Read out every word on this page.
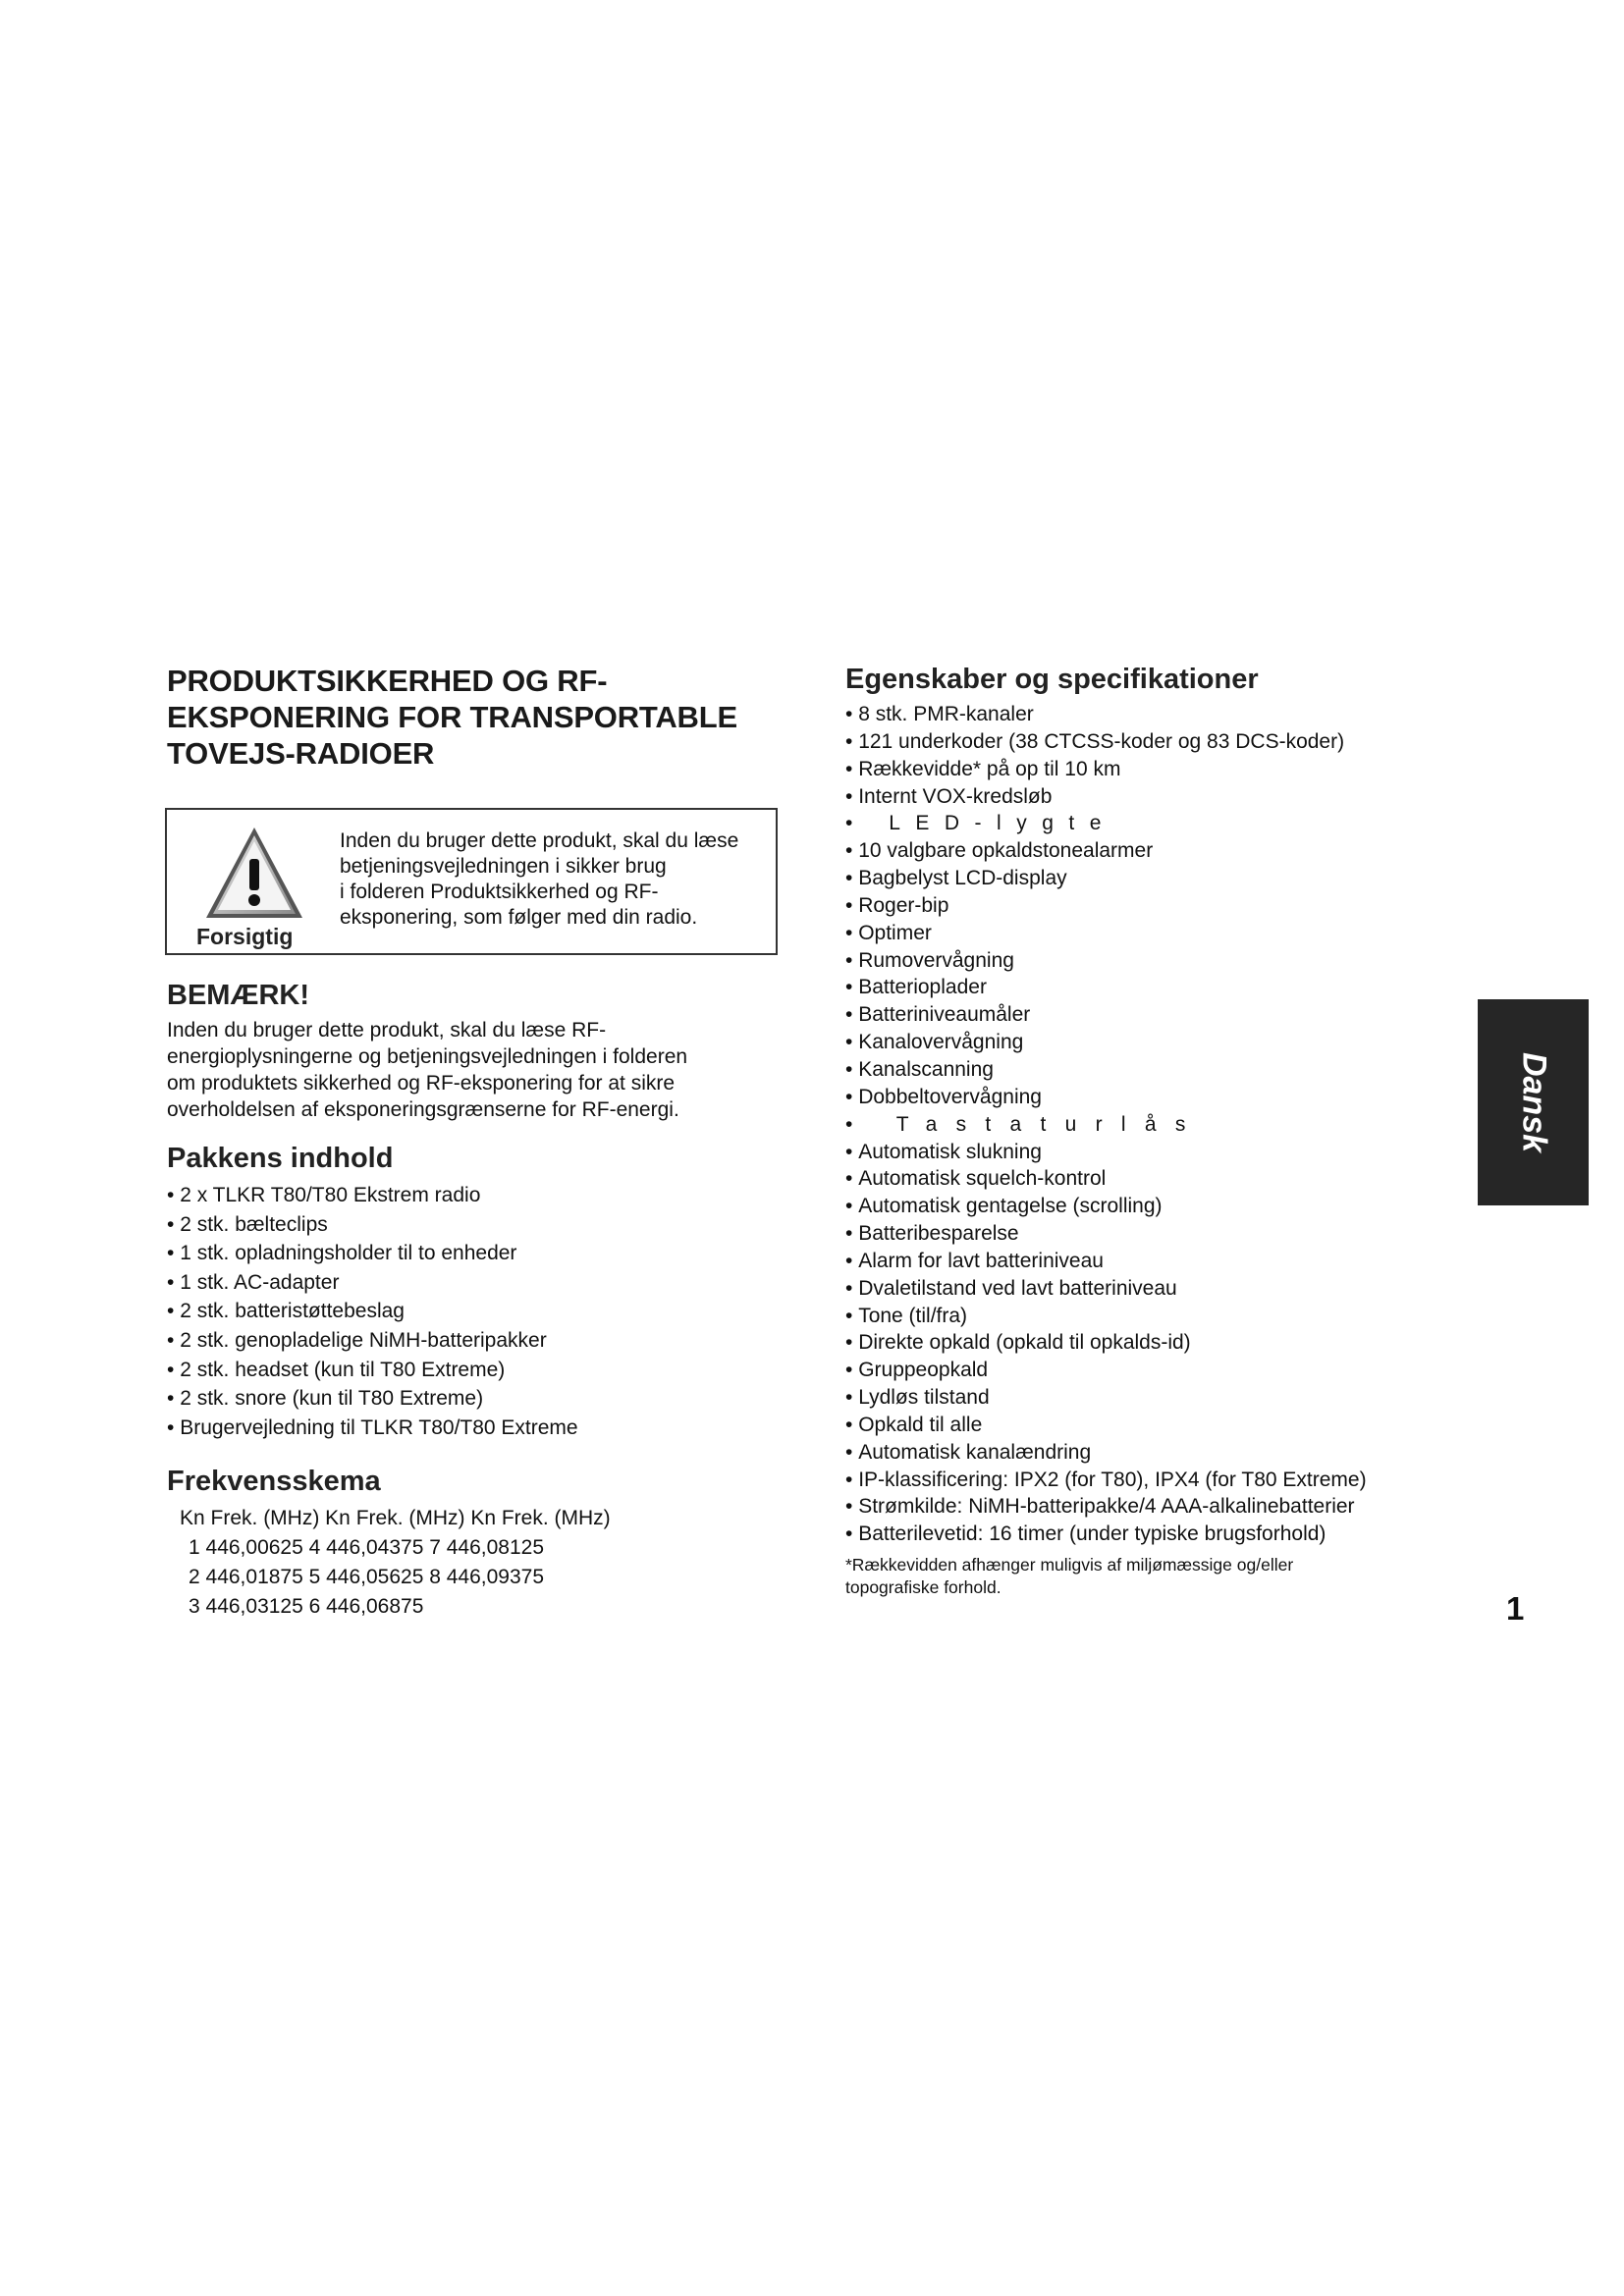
PRODUKTSIKKERHED OG RF-
EKSPONERING FOR TRANSPORTABLE
TOVEJS-RADIOER
Forsigtig
Inden du bruger dette produkt, skal du læse
betjeningsvejledningen i sikker brug
i folderen Produktsikkerhed og RF-
eksponering, som følger med din radio.
BEMÆRK!
Inden du bruger dette produkt, skal du læse RF-
energioplysningerne og betjeningsvejledningen i folderen
om produktets sikkerhed og RF-eksponering for at sikre
overholdelsen af eksponeringsgrænserne for RF-energi.
Pakkens indhold
• 2 x TLKR T80/T80 Ekstrem radio
• 2 stk. bælteclips
• 1 stk. opladningsholder til to enheder
• 1 stk. AC-adapter
• 2 stk. batteristøttebeslag
• 2 stk. genopladelige NiMH-batteripakker
• 2 stk. headset (kun til T80 Extreme)
• 2 stk. snore (kun til T80 Extreme)
• Brugervejledning til TLKR T80/T80 Extreme
Frekvensskema
Kn Frek. (MHz) Kn Frek. (MHz) Kn Frek. (MHz)
1 446,00625 4 446,04375 7 446,08125
2 446,01875 5 446,05625 8 446,09375
3 446,03125 6 446,06875
Egenskaber og specifikationer
• 8 stk. PMR-kanaler
• 121 underkoder (38 CTCSS-koder og 83 DCS-koder)
• Rækkevidde* på op til 10 km
• Internt VOX-kredsløb
• LED-lygte
• 10 valgbare opkaldstonealarmer
• Bagbelyst LCD-display
• Roger-bip
• Optimer
• Rumovervågning
• Batterioplader
• Batteriniveaumåler
• Kanalovervågning
• Kanalscanning
• Dobbeltovervågning
• Tastaturlås
• Automatisk slukning
• Automatisk squelch-kontrol
• Automatisk gentagelse (scrolling)
• Batteribesparelse
• Alarm for lavt batteriniveau
• Dvaletilstand ved lavt batteriniveau
• Tone (til/fra)
• Direkte opkald (opkald til opkalds-id)
• Gruppeopkald
• Lydløs tilstand
• Opkald til alle
• Automatisk kanalændring
• IP-klassificering: IPX2 (for T80), IPX4 (for T80 Extreme)
• Strømkilde: NiMH-batteripakke/4 AAA-alkalinebatterier
• Batterilevetid: 16 timer (under typiske brugsforhold)
*Rækkevidden afhænger muligvis af miljømæssige og/eller
topografiske forhold.
Dansk
1
